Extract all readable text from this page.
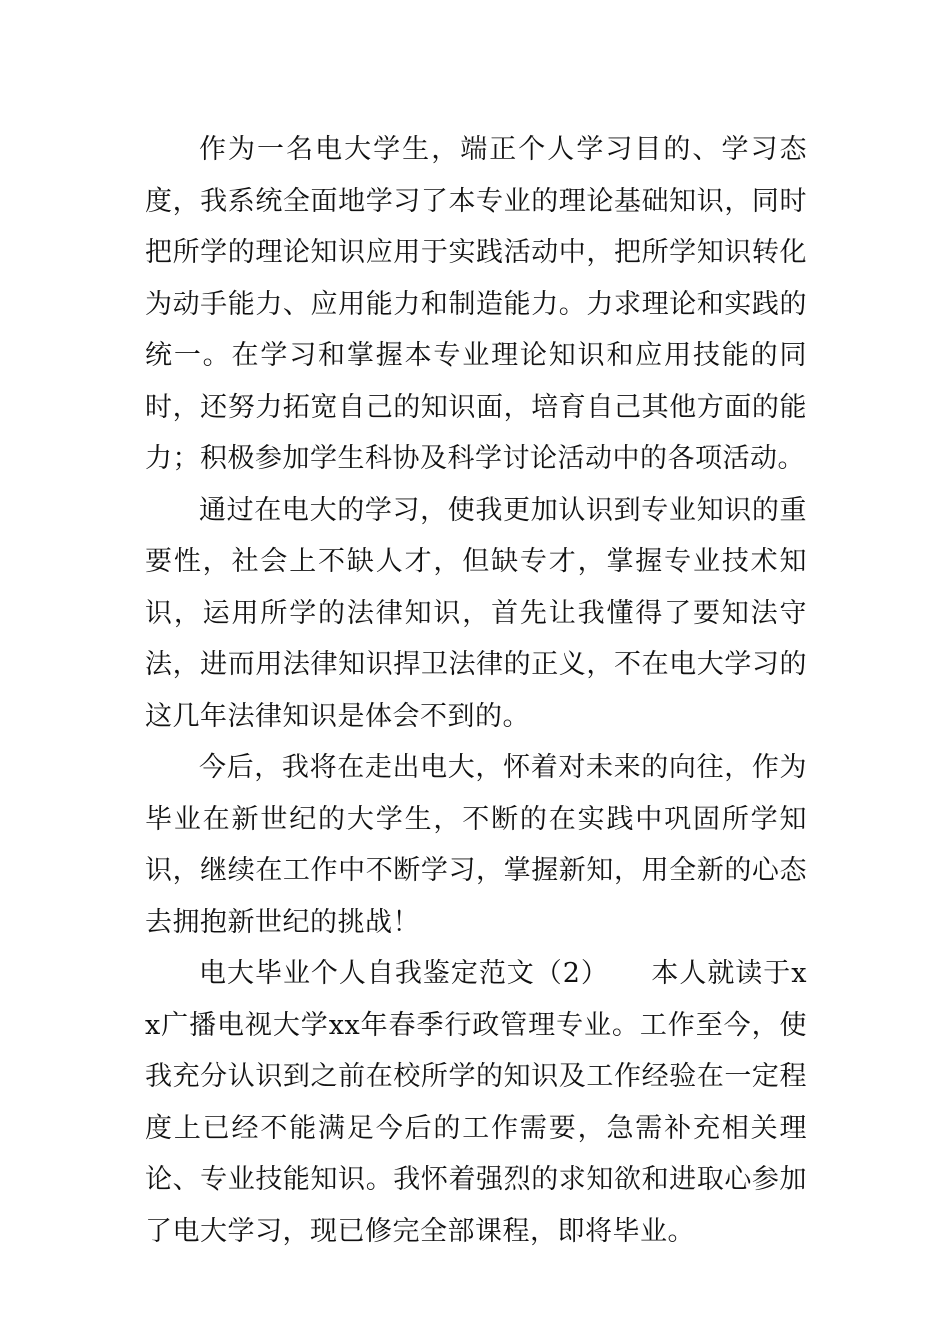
作为一名电大学生，端正个人学习目的、学习态度，我系统全面地学习了本专业的理论基础知识，同时把所学的理论知识应用于实践活动中，把所学知识转化为动手能力、应用能力和制造能力。力求理论和实践的统一。在学习和掌握本专业理论知识和应用技能的同时，还努力拓宽自己的知识面，培育自己其他方面的能力；积极参加学生科协及科学讨论活动中的各项活动。

通过在电大的学习，使我更加认识到专业知识的重要性，社会上不缺人才，但缺专才，掌握专业技术知识，运用所学的法律知识，首先让我懂得了要知法守法，进而用法律知识捍卫法律的正义，不在电大学习的这几年法律知识是体会不到的。

今后，我将在走出电大，怀着对未来的向往，作为毕业在新世纪的大学生，不断的在实践中巩固所学知识，继续在工作中不断学习，掌握新知，用全新的心态去拥抱新世纪的挑战！

电大毕业个人自我鉴定范文（2）　　本人就读于xx广播电视大学xx年春季行政管理专业。工作至今，使我充分认识到之前在校所学的知识及工作经验在一定程度上已经不能满足今后的工作需要，急需补充相关理论、专业技能知识。我怀着强烈的求知欲和进取心参加了电大学习，现已修完全部课程，即将毕业。
